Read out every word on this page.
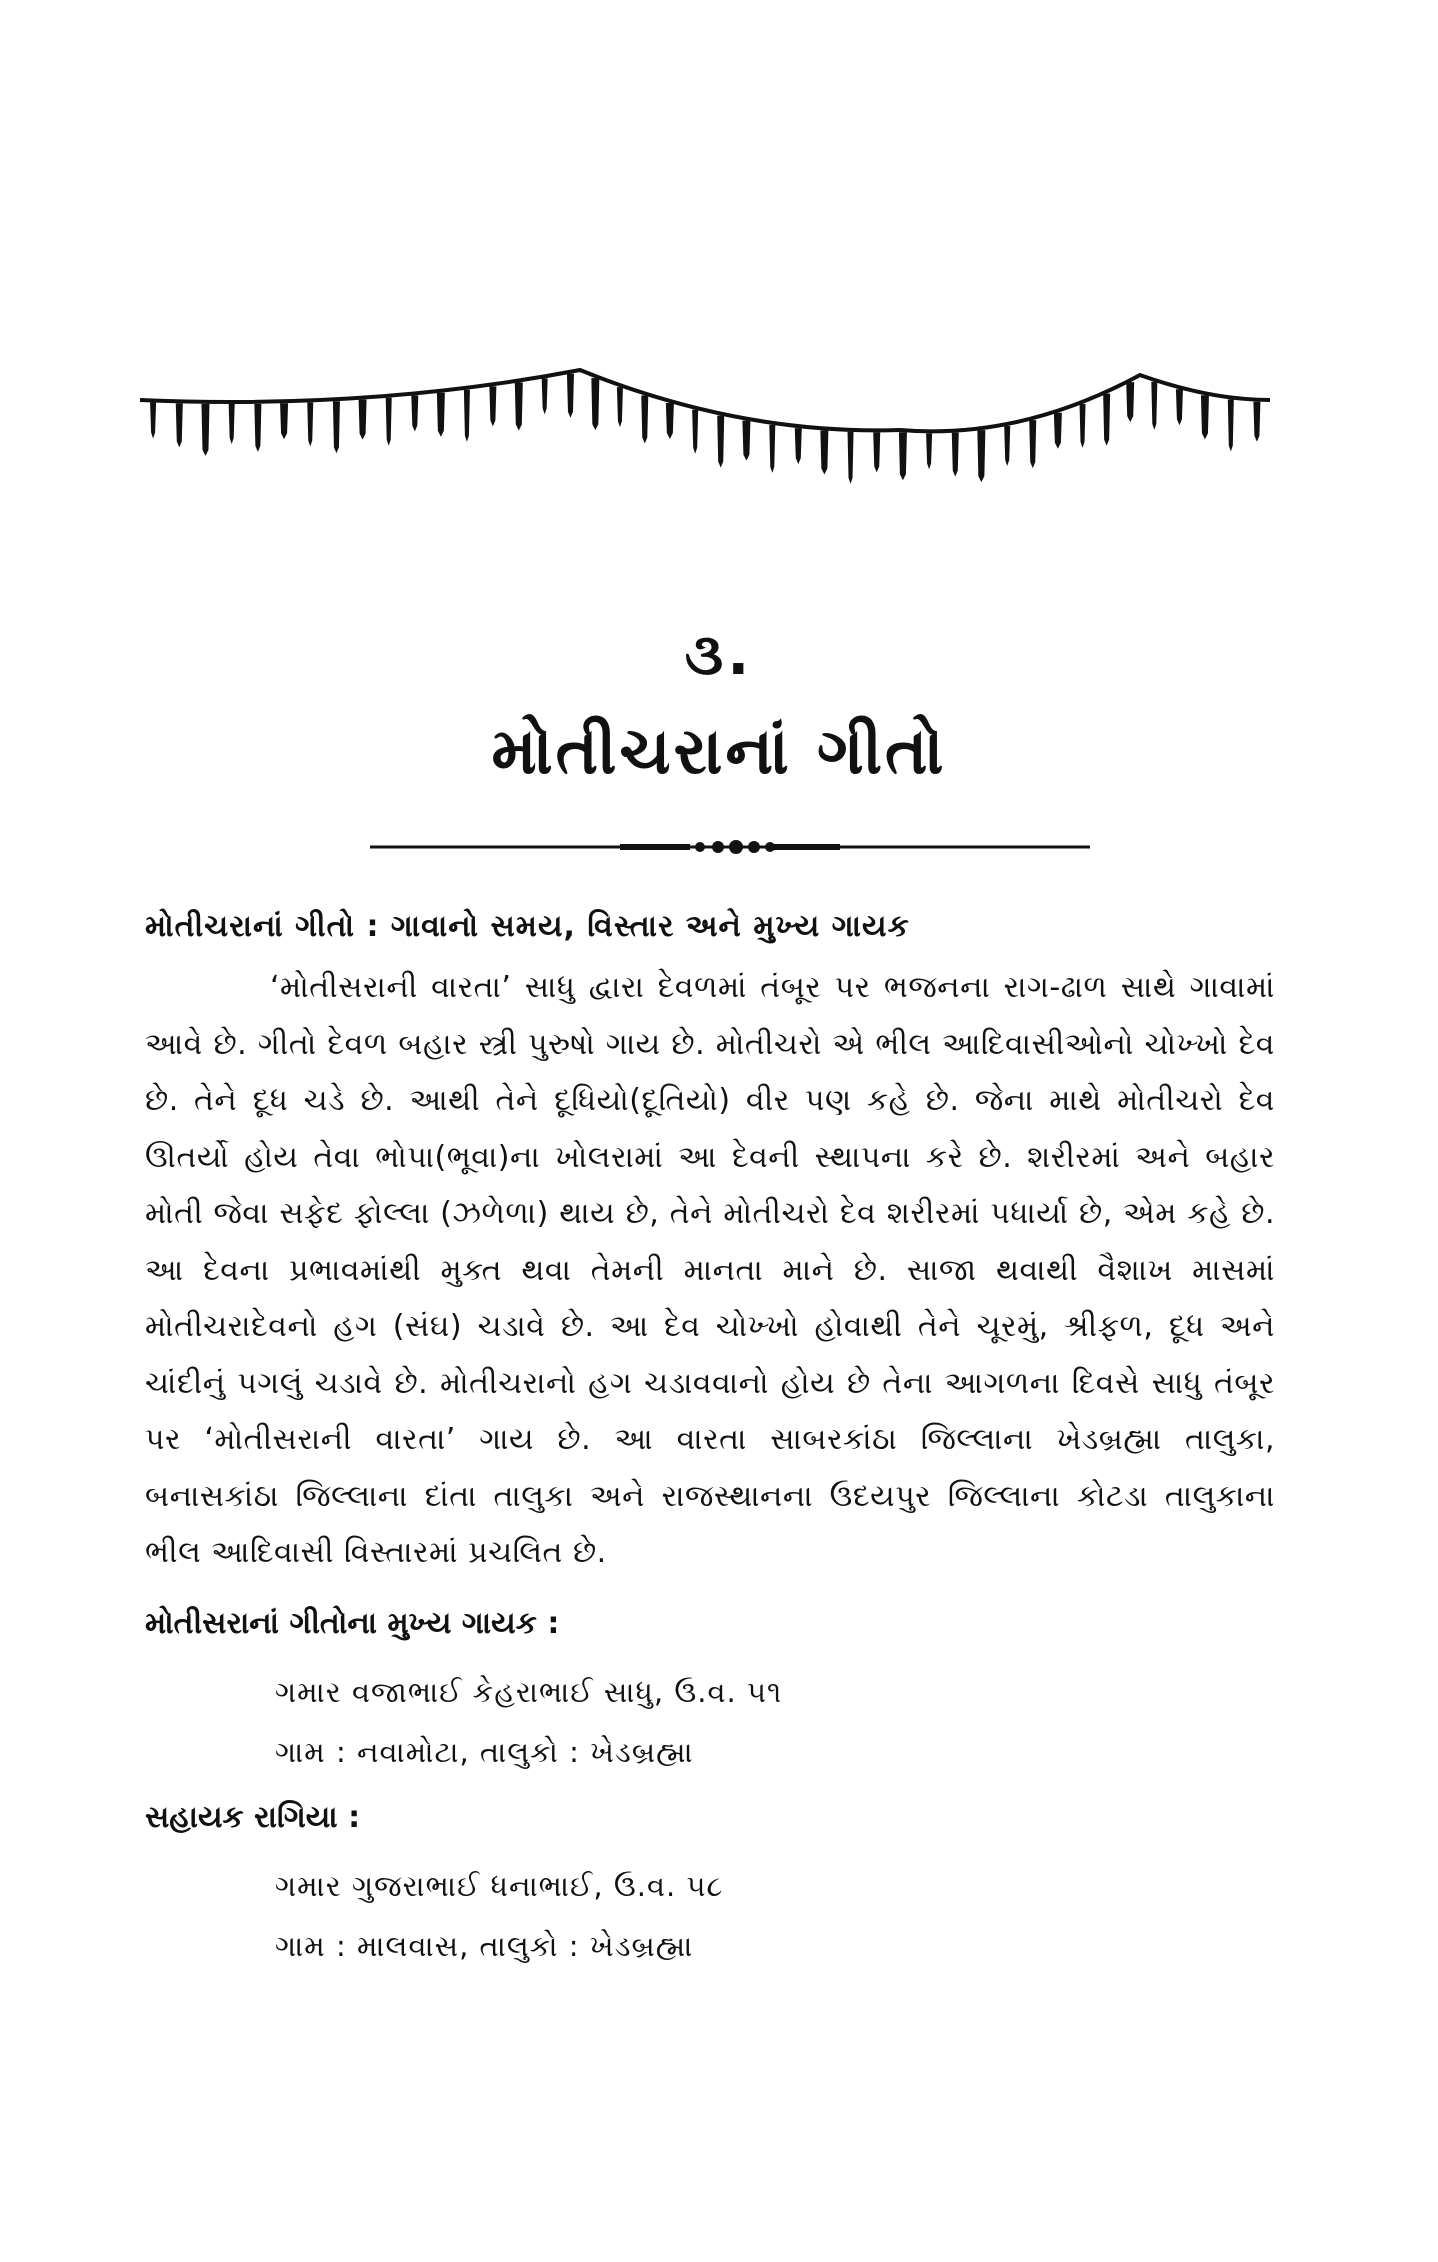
૩.
મોતીચરાનાં ગીતો

મોતીચરાનાં ગીતો : ગાવાનો સમય, વિસ્તાર અને મુખ્ય ગાયક

‘મોતીસરાની વારતા’ સાધુ દ્વારા દેવળમાં તંબૂર પર ભજનના રાગ-ઢાળ સાથે ગાવામાં આવે છે. ગીતો દેવળ બહાર સ્ત્રી પુરુષો ગાય છે. મોતીચરો એ ભીલ આદિવાસીઓનો ચોખ્ખો દેવ છે. તેને દૂધ ચડે છે. આથી તેને દૂધિયો(દૂતિયો) વીર પણ કહે છે. જેના માથે મોતીચરો દેવ ઊતર્યો હોય તેવા ભોપા(ભૂવા)ના ખોલરામાં આ દેવની સ્થાપના કરે છે. શરીરમાં અને બહાર મોતી જેવા સફેદ ફોલ્લા (ઝળેળા) થાય છે, તેને મોતીચરો દેવ શરીરમાં પધાર્યા છે, એમ કહે છે. આ દેવના પ્રભાવમાંથી મુક્ત થવા તેમની માનતા માને છે. સાજા થવાથી વૈશાખ માસમાં મોતીચરાદેવનો હગ (સંઘ) ચડાવે છે. આ દેવ ચોખ્ખો હોવાથી તેને ચૂરમું, શ્રીફળ, દૂધ અને ચાંદીનું પગલું ચડાવે છે. મોતીચરાનો હગ ચડાવવાનો હોય છે તેના આગળના દિવસે સાધુ તંબૂર પર ‘મોતીસરાની વારતા’ ગાય છે. આ વારતા સાબરકાંઠા જિલ્લાના ખેડબ્રહ્મા તાલુકા, બનાસકાંઠા જિલ્લાના દાંતા તાલુકા અને રાજસ્થાનના ઉદયપુર જિલ્લાના કોટડા તાલુકાના ભીલ આદિવાસી વિસ્તારમાં પ્રચલિત છે.

મોતીસરાનાં ગીતોના મુખ્ય ગાયક :

ગમાર વજાભાઈ કેહરાભાઈ સાધુ, ઉ.વ. ૫૧

ગામ : નવામોટા, તાલુકો : ખેડબ્રહ્મા

સહાયક રાગિયા :

ગમાર ગુજરાભાઈ ધનાભાઈ, ઉ.વ. ૫૮

ગામ : માલવાસ, તાલુકો : ખેડબ્રહ્મા
